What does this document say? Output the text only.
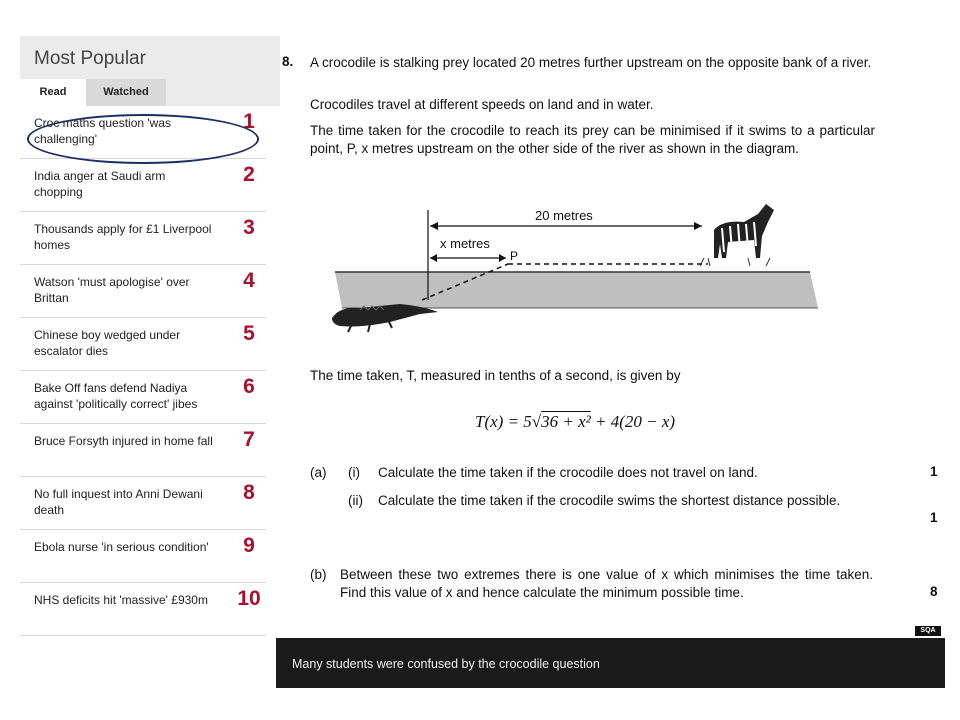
Most Popular
Read	Watched
Croc maths question 'was challenging'
1
India anger at Saudi arm chopping
2
Thousands apply for £1 Liverpool homes
3
Watson 'must apologise' over Brittan
4
Chinese boy wedged under escalator dies
5
Bake Off fans defend Nadiya against 'politically correct' jibes
6
Bruce Forsyth injured in home fall	7
No full inquest into Anni Dewani death
8
Ebola nurse 'in serious condition'	9
NHS deficits hit 'massive' £930m 10
8. A crocodile is stalking prey located 20 metres further upstream on the opposite bank of a river.

Crocodiles travel at different speeds on land and in water.

The time taken for the crocodile to reach its prey can be minimised if it swims to a particular point, P, x metres upstream on the other side of the river as shown in the diagram.

The time taken, T, measured in tenths of a second, is given by
T(x) = 5√36 + x² + 4(20 − x)
(a) (i) Calculate the time taken if the crocodile does not travel on land.	1
(ii) Calculate the time taken if the crocodile swims the shortest distance possible.
1
(b) Between these two extremes there is one value of x which minimises the time taken. Find this value of x and hence calculate the minimum possible time.	8
20 metres
x metres
P
SQA
Many students were confused by the crocodile question
